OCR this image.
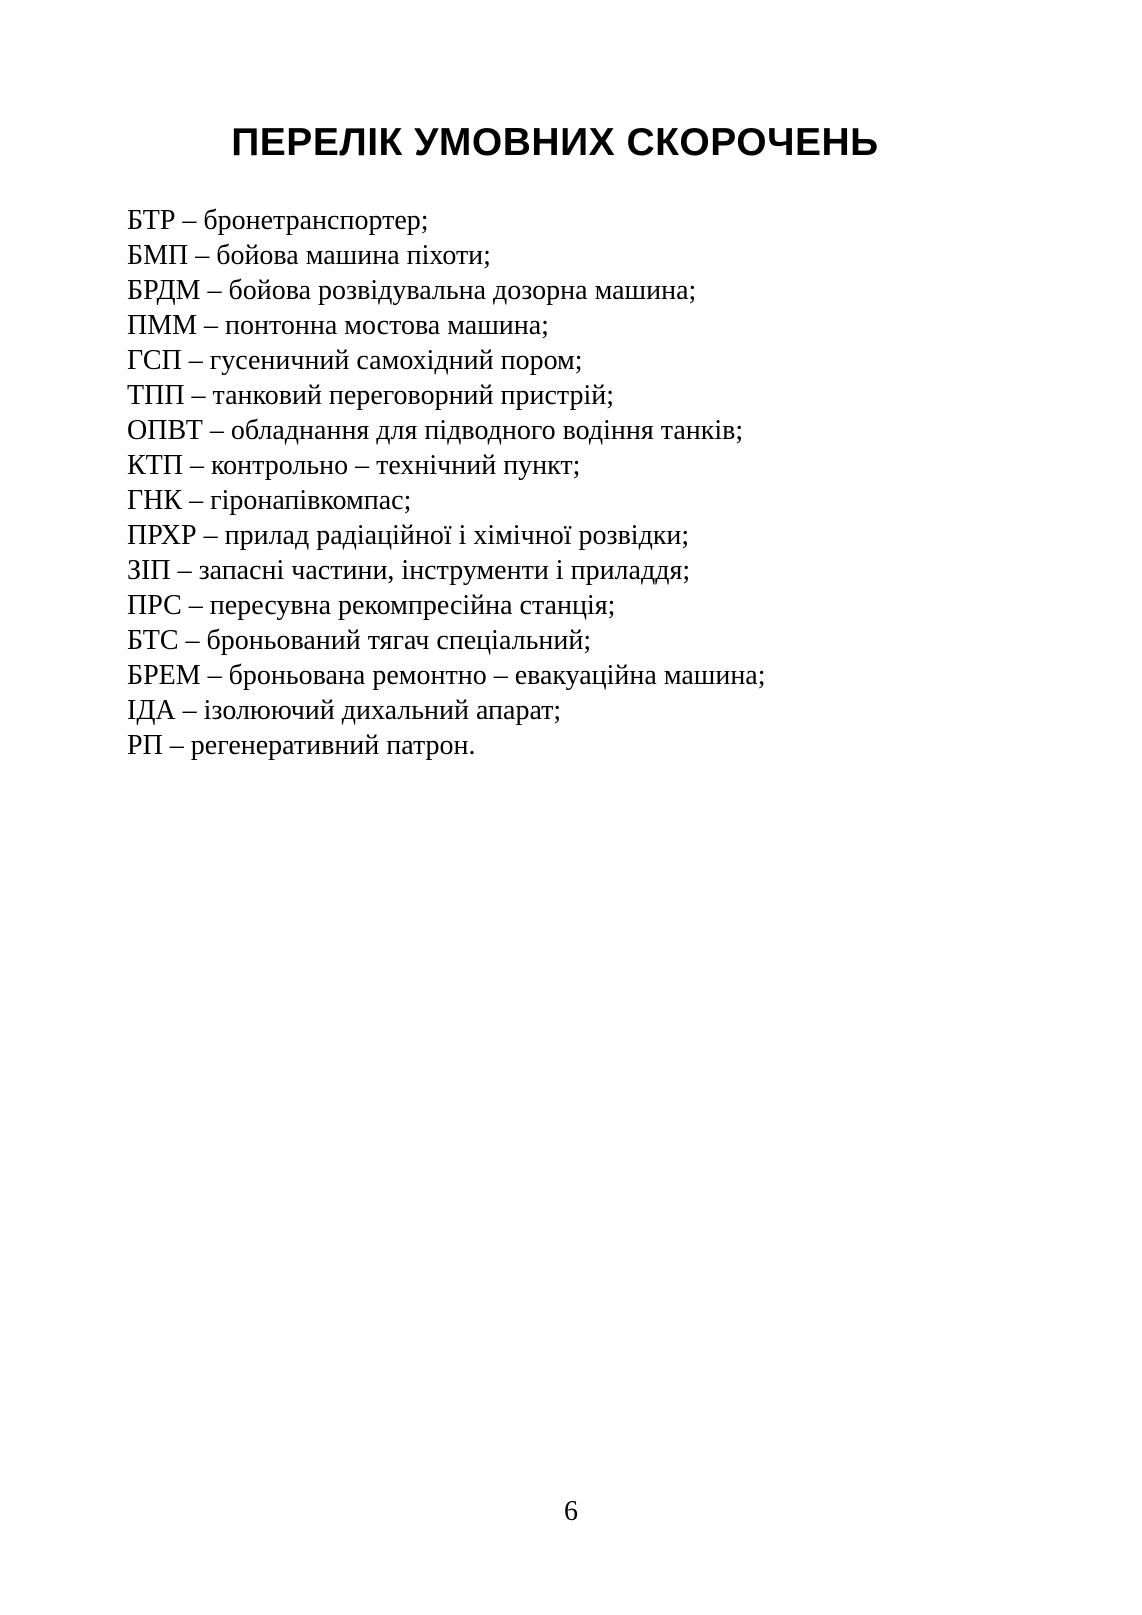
ПЕРЕЛІК УМОВНИХ СКОРОЧЕНЬ

БТР – бронетранспортер;

БМП – бойова машина піхоти;

БРДМ – бойова розвідувальна дозорна машина;

ПММ – понтонна мостова машина;

ГСП – гусеничний самохідний пором;

ТПП – танковий переговорний пристрій;

ОПВТ – обладнання для підводного водіння танків;

КТП – контрольно – технічний пункт;

ГНК – гіронапівкомпас;

ПРХР – прилад радіаційної і хімічної розвідки;

ЗІП – запасні частини, інструменти і приладдя;

ПРС – пересувна рекомпресійна станція;

БТС – броньований тягач спеціальний;

БРЕМ – броньована ремонтно – евакуаційна машина;

ІДА – ізолюючий дихальний апарат;

РП – регенеративний патрон.

6
